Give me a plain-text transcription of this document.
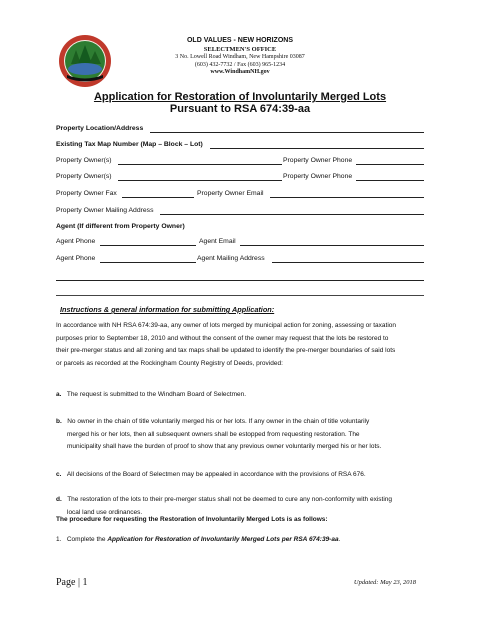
OLD VALUES - NEW HORIZONS
SELECTMEN'S OFFICE
3 No. Lowell Road Windham, New Hampshire 03087
(603) 432-7732 / Fax (603) 965-1234
www.WindhamNH.gov
Application for Restoration of Involuntarily Merged Lots
Pursuant to RSA 674:39-aa
Property Location/Address
Existing Tax Map Number (Map – Block – Lot)
Property Owner(s)	Property Owner Phone
Property Owner(s)	Property Owner Phone
Property Owner Fax	Property Owner Email
Property Owner Mailing Address
Agent (If different from Property Owner)
Agent Phone	Agent Email
Agent Phone	Agent Mailing Address
Instructions & general information for submitting Application:
In accordance with NH RSA 674:39-aa, any owner of lots merged by municipal action for zoning, assessing or taxation
purposes prior to September 18, 2010 and without the consent of the owner may request that the lots be restored to
their pre-merger status and all zoning and tax maps shall be updated to identify the pre-merger boundaries of said lots
or parcels as recorded at the Rockingham County Registry of Deeds, provided:
a. The request is submitted to the Windham Board of Selectmen.
b. No owner in the chain of title voluntarily merged his or her lots. If any owner in the chain of title voluntarily
merged his or her lots, then all subsequent owners shall be estopped from requesting restoration. The
municipality shall have the burden of proof to show that any previous owner voluntarily merged his or her lots.
c. All decisions of the Board of Selectmen may be appealed in accordance with the provisions of RSA 676.
d. The restoration of the lots to their pre-merger status shall not be deemed to cure any non-conformity with existing
local land use ordinances.
The procedure for requesting the Restoration of Involuntarily Merged Lots is as follows:
1. Complete the Application for Restoration of Involuntarily Merged Lots per RSA 674:39-aa.
Page | 1	Updated: May 23, 2018
